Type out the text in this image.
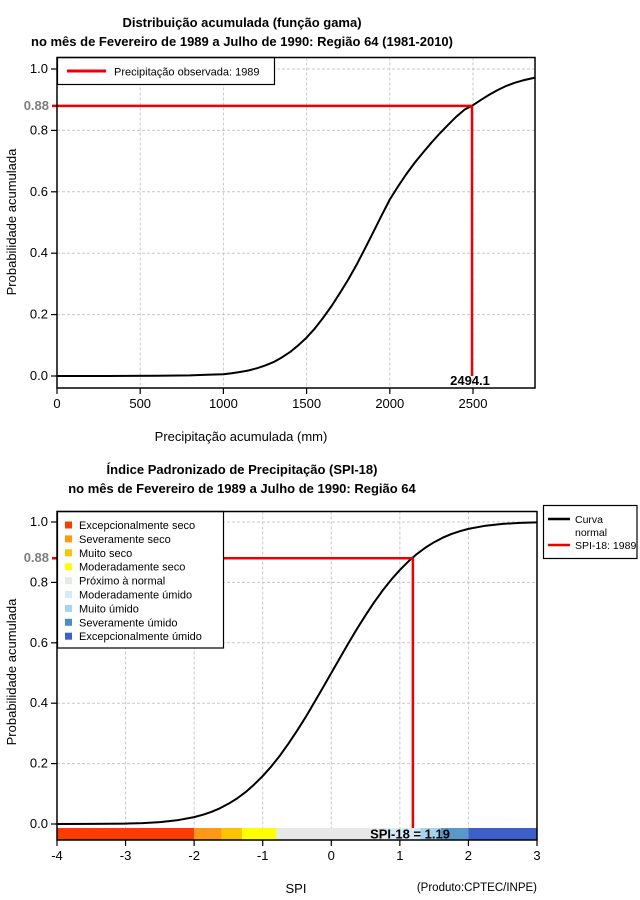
2494.1
Precipitação observada: 1989
0	500	1000	1500	2000	2500
0.0
0.2
0.4
0.6
0.8
1.0
0.88
SPI-18 = 1.19
Excepcionalmente seco
Severamente seco
Muito seco
Moderadamente seco
Próximo à normal
Moderadamente úmido
Muito úmido
Severamente úmido
Excepcionalmente úmido
Curva
normal
SPI-18: 1989
-4	-3	-2	-1	0	1	2	3
0.0
0.2
0.4
0.6
0.8
1.0
0.88
Distribuição acumulada (função gama)
no mês de Fevereiro de 1989 a Julho de 1990: Região 64 (1981-2010)
Precipitação acumulada (mm)
Probabilidade acumulada
Índice Padronizado de Precipitação (SPI-18)
no mês de Fevereiro de 1989 a Julho de 1990: Região 64
SPI
Probabilidade acumulada
(Produto:CPTEC/INPE)
